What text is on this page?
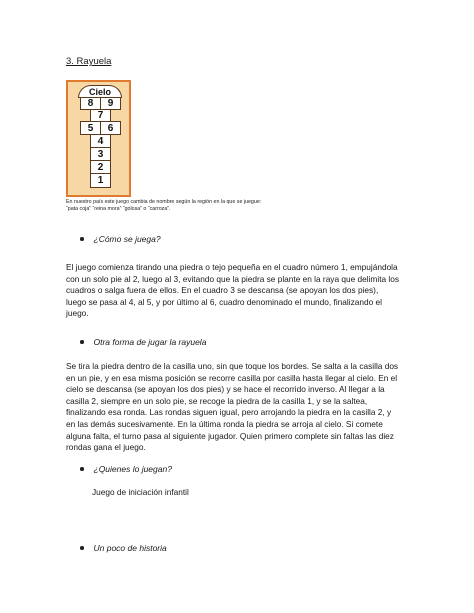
3. Rayuela
Cielo
8	9
7
5	6
4
3
2
1
En nuestro país este juego cambia de nombre según la región en la que se juegue:
“pata coja” “reina mora” “golosa” o “carroza”.
¿Cómo se juega?
El juego comienza tirando una piedra o tejo pequeña en el cuadro número 1, empujándola
con un solo pie al 2, luego al 3, evitando que la piedra se plante en la raya que delimita los
cuadros o salga fuera de ellos. En el cuadro 3 se descansa (se apoyan los dos pies),
luego se pasa al 4, al 5, y por último al 6, cuadro denominado el mundo, finalizando el
juego.
Otra forma de jugar la rayuela
Se tira la piedra dentro de la casilla uno, sin que toque los bordes. Se salta a la casilla dos
en un pie, y en esa misma posición se recorre casilla por casilla hasta llegar al cielo. En el
cielo se descansa (se apoyan los dos pies) y se hace el recorrido inverso. Al llegar a la
casilla 2, siempre en un solo pie, se recoge la piedra de la casilla 1, y se la saltea,
finalizando esa ronda. Las rondas siguen igual, pero arrojando la piedra en la casilla 2, y
en las demás sucesivamente. En la última ronda la piedra se arroja al cielo. Si comete
alguna falta, el turno pasa al siguiente jugador. Quien primero complete sin faltas las diez
rondas gana el juego.
¿Quienes lo juegan?
Juego de iniciación infantil
Un poco de historia
